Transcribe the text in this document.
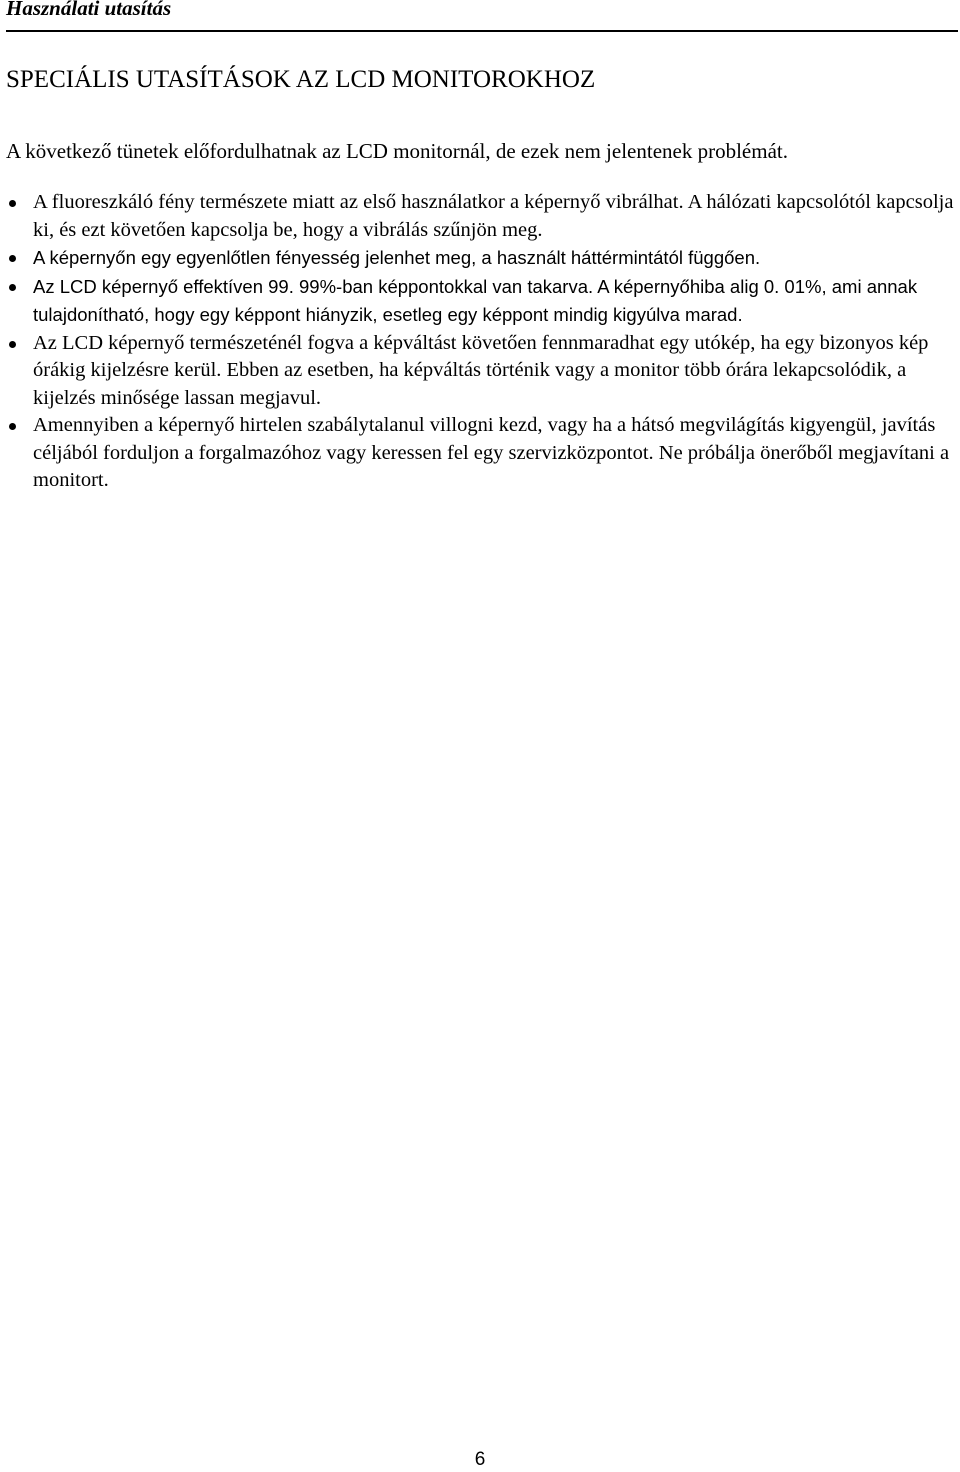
Használati utasítás
SPECIÁLIS UTASÍTÁSOK AZ LCD MONITOROKHOZ
A következő tünetek előfordulhatnak az LCD monitornál, de ezek nem jelentenek problémát.
A fluoreszkáló fény természete miatt az első használatkor a képernyő vibrálhat. A hálózati kapcsolótól kapcsolja ki, és ezt követően kapcsolja be, hogy a vibrálás szűnjön meg.
A képernyőn egy egyenlőtlen fényesség jelenhet meg, a használt háttérmintától függően.
Az LCD képernyő effektíven 99. 99%-ban képpontokkal van takarva. A képernyőhiba alig 0. 01%, ami annak tulajdonítható, hogy egy képpont hiányzik, esetleg egy képpont mindig kigyúlva marad.
Az LCD képernyő természeténél fogva a képváltást követően fennmaradhat egy utókép, ha egy bizonyos kép órákig kijelzésre kerül. Ebben az esetben, ha képváltás történik vagy a monitor több órára lekapcsolódik, a kijelzés minősége lassan megjavul.
Amennyiben a képernyő hirtelen szabálytalanul villogni kezd, vagy ha a hátsó megvilágítás kigyengül, javítás céljából forduljon a forgalmazóhoz vagy keressen fel egy szervizközpontot. Ne próbálja önerőből megjavítani a monitort.
6
